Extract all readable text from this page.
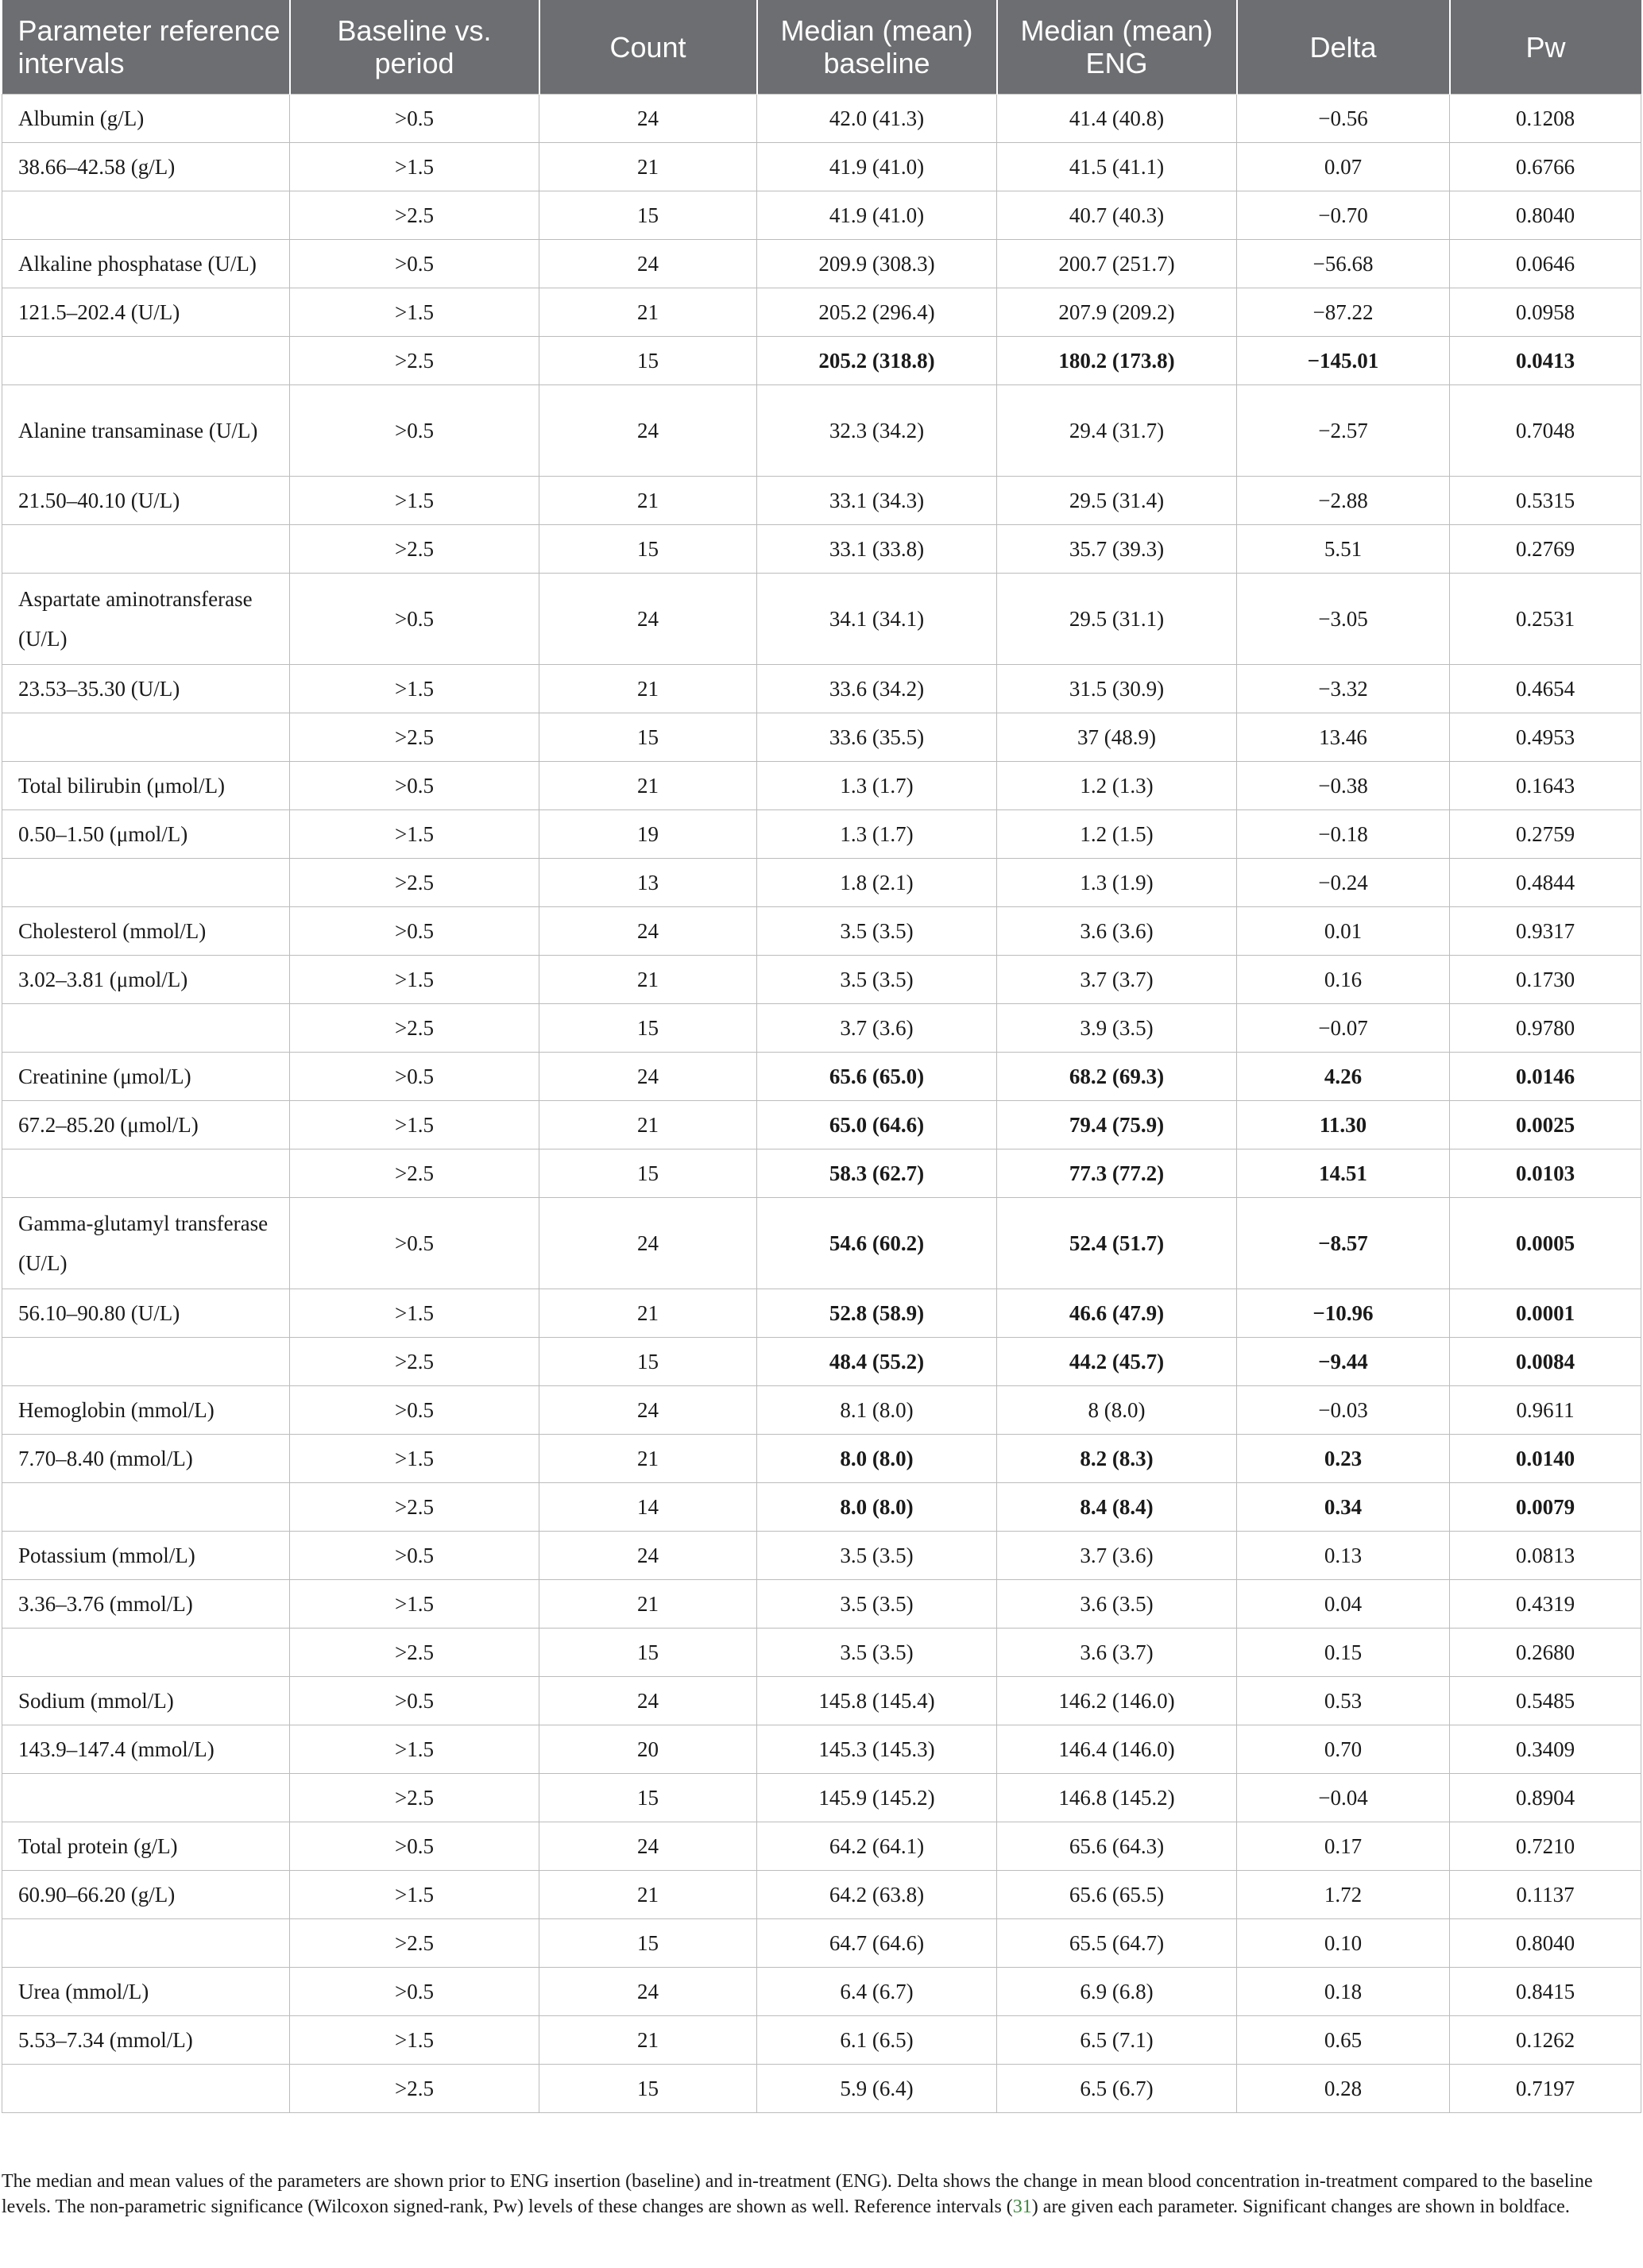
Parameter reference intervals	Baseline vs. period	Count	Median (mean) baseline	Median (mean) ENG	Delta	Pw
Albumin (g/L)	>0.5	24	42.0 (41.3)	41.4 (40.8)	−0.56	0.1208
38.66–42.58 (g/L)	>1.5	21	41.9 (41.0)	41.5 (41.1)	0.07	0.6766
	>2.5	15	41.9 (41.0)	40.7 (40.3)	−0.70	0.8040
Alkaline phosphatase (U/L)	>0.5	24	209.9 (308.3)	200.7 (251.7)	−56.68	0.0646
121.5–202.4 (U/L)	>1.5	21	205.2 (296.4)	207.9 (209.2)	−87.22	0.0958
	>2.5	15	205.2 (318.8)	180.2 (173.8)	−145.01	0.0413
Alanine transaminase (U/L)	>0.5	24	32.3 (34.2)	29.4 (31.7)	−2.57	0.7048
21.50–40.10 (U/L)	>1.5	21	33.1 (34.3)	29.5 (31.4)	−2.88	0.5315
	>2.5	15	33.1 (33.8)	35.7 (39.3)	5.51	0.2769
Aspartate aminotransferase (U/L)	>0.5	24	34.1 (34.1)	29.5 (31.1)	−3.05	0.2531
23.53–35.30 (U/L)	>1.5	21	33.6 (34.2)	31.5 (30.9)	−3.32	0.4654
	>2.5	15	33.6 (35.5)	37 (48.9)	13.46	0.4953
Total bilirubin (μmol/L)	>0.5	21	1.3 (1.7)	1.2 (1.3)	−0.38	0.1643
0.50–1.50 (μmol/L)	>1.5	19	1.3 (1.7)	1.2 (1.5)	−0.18	0.2759
	>2.5	13	1.8 (2.1)	1.3 (1.9)	−0.24	0.4844
Cholesterol (mmol/L)	>0.5	24	3.5 (3.5)	3.6 (3.6)	0.01	0.9317
3.02–3.81 (μmol/L)	>1.5	21	3.5 (3.5)	3.7 (3.7)	0.16	0.1730
	>2.5	15	3.7 (3.6)	3.9 (3.5)	−0.07	0.9780
Creatinine (μmol/L)	>0.5	24	65.6 (65.0)	68.2 (69.3)	4.26	0.0146
67.2–85.20 (μmol/L)	>1.5	21	65.0 (64.6)	79.4 (75.9)	11.30	0.0025
	>2.5	15	58.3 (62.7)	77.3 (77.2)	14.51	0.0103
Gamma-glutamyl transferase (U/L)	>0.5	24	54.6 (60.2)	52.4 (51.7)	−8.57	0.0005
56.10–90.80 (U/L)	>1.5	21	52.8 (58.9)	46.6 (47.9)	−10.96	0.0001
	>2.5	15	48.4 (55.2)	44.2 (45.7)	−9.44	0.0084
Hemoglobin (mmol/L)	>0.5	24	8.1 (8.0)	8 (8.0)	−0.03	0.9611
7.70–8.40 (mmol/L)	>1.5	21	8.0 (8.0)	8.2 (8.3)	0.23	0.0140
	>2.5	14	8.0 (8.0)	8.4 (8.4)	0.34	0.0079
Potassium (mmol/L)	>0.5	24	3.5 (3.5)	3.7 (3.6)	0.13	0.0813
3.36–3.76 (mmol/L)	>1.5	21	3.5 (3.5)	3.6 (3.5)	0.04	0.4319
	>2.5	15	3.5 (3.5)	3.6 (3.7)	0.15	0.2680
Sodium (mmol/L)	>0.5	24	145.8 (145.4)	146.2 (146.0)	0.53	0.5485
143.9–147.4 (mmol/L)	>1.5	20	145.3 (145.3)	146.4 (146.0)	0.70	0.3409
	>2.5	15	145.9 (145.2)	146.8 (145.2)	−0.04	0.8904
Total protein (g/L)	>0.5	24	64.2 (64.1)	65.6 (64.3)	0.17	0.7210
60.90–66.20 (g/L)	>1.5	21	64.2 (63.8)	65.6 (65.5)	1.72	0.1137
	>2.5	15	64.7 (64.6)	65.5 (64.7)	0.10	0.8040
Urea (mmol/L)	>0.5	24	6.4 (6.7)	6.9 (6.8)	0.18	0.8415
5.53–7.34 (mmol/L)	>1.5	21	6.1 (6.5)	6.5 (7.1)	0.65	0.1262
	>2.5	15	5.9 (6.4)	6.5 (6.7)	0.28	0.7197
The median and mean values of the parameters are shown prior to ENG insertion (baseline) and in-treatment (ENG). Delta shows the change in mean blood concentration in-treatment compared to the baseline levels. The non-parametric significance (Wilcoxon signed-rank, Pw) levels of these changes are shown as well. Reference intervals (31) are given each parameter. Significant changes are shown in boldface.
